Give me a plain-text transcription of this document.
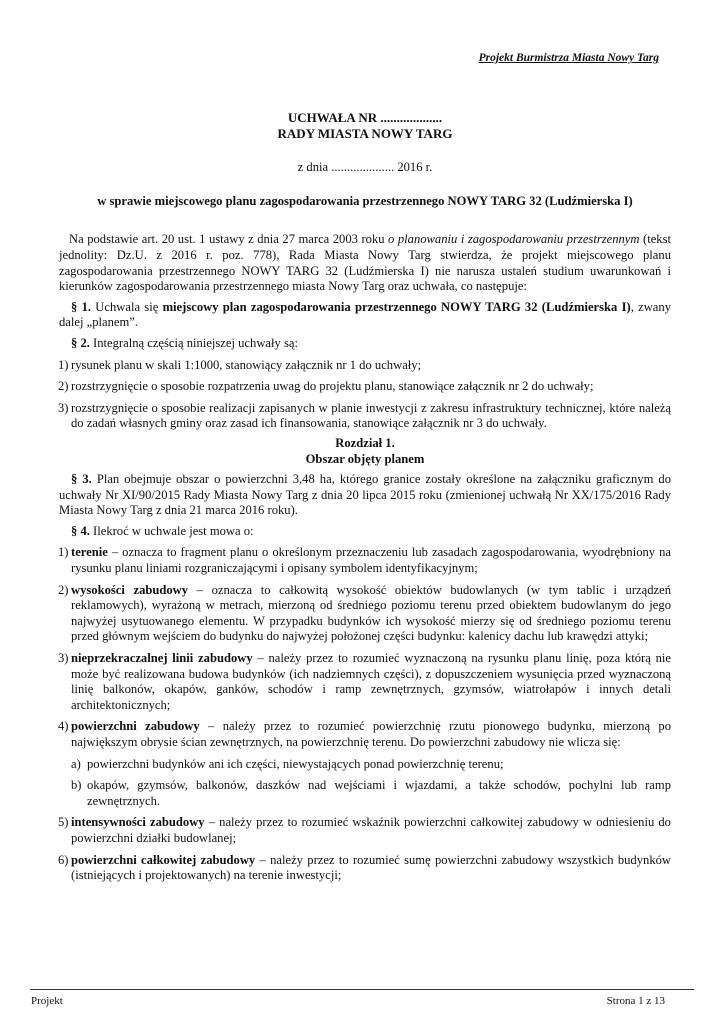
Projekt Burmistrza Miasta Nowy Targ
UCHWAŁA NR ...................
RADY MIASTA NOWY TARG
z dnia .................... 2016 r.
w sprawie miejscowego planu zagospodarowania przestrzennego NOWY TARG 32 (Ludźmierska I)

Na podstawie art. 20 ust. 1 ustawy z dnia 27 marca 2003 roku o planowaniu i zagospodarowaniu przestrzennym (tekst jednolity: Dz.U. z 2016 r. poz. 778), Rada Miasta Nowy Targ stwierdza, że projekt miejscowego planu zagospodarowania przestrzennego NOWY TARG 32 (Ludźmierska I) nie narusza ustaleń studium uwarunkowań i kierunków zagospodarowania przestrzennego miasta Nowy Targ oraz uchwała, co następuje:

§ 1. Uchwala się miejscowy plan zagospodarowania przestrzennego NOWY TARG 32 (Ludźmierska I), zwany dalej „planem”.

§ 2. Integralną częścią niniejszej uchwały są:

1) rysunek planu w skali 1:1000, stanowiący załącznik nr 1 do uchwały;
2) rozstrzygnięcie o sposobie rozpatrzenia uwag do projektu planu, stanowiące załącznik nr 2 do uchwały;
3) rozstrzygnięcie o sposobie realizacji zapisanych w planie inwestycji z zakresu infrastruktury technicznej, które należą do zadań własnych gminy oraz zasad ich finansowania, stanowiące załącznik nr 3 do uchwały.
Rozdział 1.
Obszar objęty planem

§ 3. Plan obejmuje obszar o powierzchni 3,48 ha, którego granice zostały określone na załączniku graficznym do uchwały Nr XI/90/2015 Rady Miasta Nowy Targ z dnia 20 lipca 2015 roku (zmienionej uchwałą Nr XX/175/2016 Rady Miasta Nowy Targ z dnia 21 marca 2016 roku).

§ 4. Ilekroć w uchwale jest mowa o:

1) terenie – oznacza to fragment planu o określonym przeznaczeniu lub zasadach zagospodarowania, wyodrębniony na rysunku planu liniami rozgraniczającymi i opisany symbolem identyfikacyjnym;
2) wysokości zabudowy – oznacza to całkowitą wysokość obiektów budowlanych (w tym tablic i urządzeń reklamowych), wyrażoną w metrach, mierzoną od średniego poziomu terenu przed obiektem budowlanym do jego najwyżej usytuowanego elementu. W przypadku budynków ich wysokość mierzy się od średniego poziomu terenu przed głównym wejściem do budynku do najwyżej położonej części budynku: kalenicy dachu lub krawędzi attyki;
3) nieprzekraczalnej linii zabudowy – należy przez to rozumieć wyznaczoną na rysunku planu linię, poza którą nie może być realizowana budowa budynków (ich nadziemnych części), z dopuszczeniem wysunięcia przed wyznaczoną linię balkonów, okapów, ganków, schodów i ramp zewnętrznych, gzymsów, wiatrołapów i innych detali architektonicznych;
4) powierzchni zabudowy – należy przez to rozumieć powierzchnię rzutu pionowego budynku, mierzoną po największym obrysie ścian zewnętrznych, na powierzchnię terenu. Do powierzchni zabudowy nie wlicza się:
a) powierzchni budynków ani ich części, niewystających ponad powierzchnię terenu;
b) okapów, gzymsów, balkonów, daszków nad wejściami i wjazdami, a także schodów, pochylni lub ramp zewnętrznych.
5) intensywności zabudowy – należy przez to rozumieć wskaźnik powierzchni całkowitej zabudowy w odniesieniu do powierzchni działki budowlanej;
6) powierzchni całkowitej zabudowy – należy przez to rozumieć sumę powierzchni zabudowy wszystkich budynków (istniejących i projektowanych) na terenie inwestycji;
Projekt	Strona 1 z 13
